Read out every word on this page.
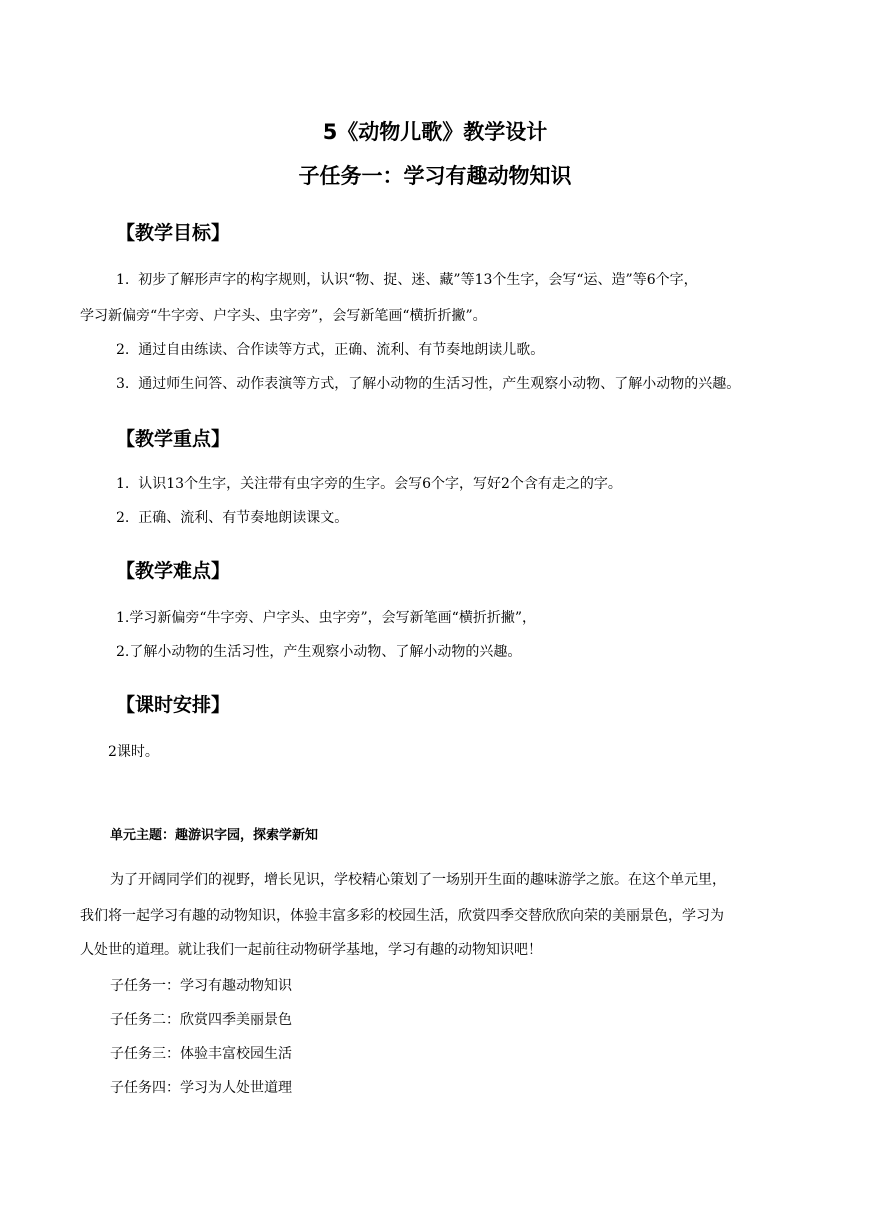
5《动物儿歌》教学设计
子任务一：学习有趣动物知识
【教学目标】
1. 初步了解形声字的构字规则，认识“物、捉、迷、藏”等13个生字，会写“运、造”等6个字，
学习新偏旁“牛字旁、户字头、虫字旁”，会写新笔画“横折折撇”。
2. 通过自由练读、合作读等方式，正确、流利、有节奏地朗读儿歌。
3. 通过师生问答、动作表演等方式，了解小动物的生活习性，产生观察小动物、了解小动物的兴趣。
【教学重点】
1. 认识13个生字，关注带有虫字旁的生字。会写6个字，写好2个含有走之的字。
2. 正确、流利、有节奏地朗读课文。
【教学难点】
1.学习新偏旁“牛字旁、户字头、虫字旁”，会写新笔画“横折折撇”，
2.了解小动物的生活习性，产生观察小动物、了解小动物的兴趣。
【课时安排】
2课时。
单元主题：趣游识字园，探索学新知
为了开阔同学们的视野，增长见识，学校精心策划了一场别开生面的趣味游学之旅。在这个单元里，
我们将一起学习有趣的动物知识，体验丰富多彩的校园生活，欣赏四季交替欣欣向荣的美丽景色，学习为
人处世的道理。就让我们一起前往动物研学基地，学习有趣的动物知识吧！
子任务一：学习有趣动物知识
子任务二：欣赏四季美丽景色
子任务三：体验丰富校园生活
子任务四：学习为人处世道理
